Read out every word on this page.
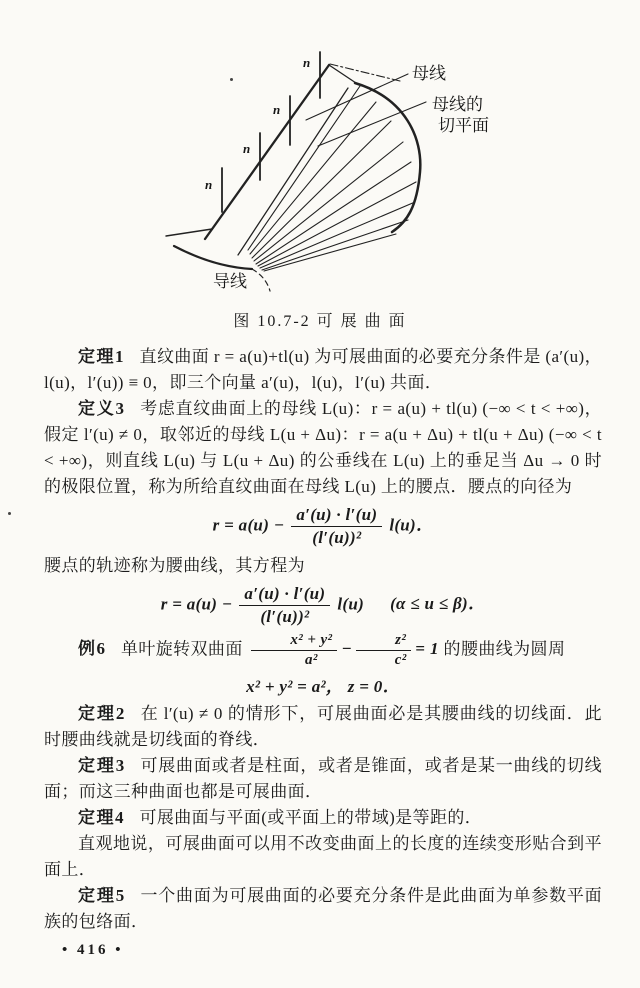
n
n
n
n
母线
母线的
切平面
导线
图 10.7-2 可 展 曲 面

定理1 直纹曲面 r = a(u)+tl(u) 为可展曲面的必要充分条件是 (a′(u)，l(u)，l′(u)) ≡ 0，即三个向量 a′(u)，l(u)，l′(u) 共面．

定义3 考虑直纹曲面上的母线 L(u)：r = a(u) + tl(u) (−∞ < t < +∞)，假定 l′(u) ≠ 0，取邻近的母线 L(u + Δu)：r = a(u + Δu) + tl(u + Δu) (−∞ < t < +∞)，则直线 L(u) 与 L(u + Δu) 的公垂线在 L(u) 上的垂足当 Δu → 0 时的极限位置，称为所给直纹曲面在母线 L(u) 上的腰点．腰点的向径为

$r = a(u) - \frac{a'(u) \cdot l'(u)}{\text{(l′(u))²}} l(u)$．

腰点的轨迹称为腰曲线，其方程为

$r = a(u) - \frac{a'(u) \cdot l'(u)}{\text{(l′(u))²}} l(u) (\alpha \le u \le \beta)$．

例6 单叶旋转双曲面 $\frac{\text{x² + y²}}{\text{a²}} - \frac{\text{z²}}{\text{c²}} = 1$ 的腰曲线为圆周

x² + y² = a²， z = 0．

定理2 在 l′(u) ≠ 0 的情形下，可展曲面必是其腰曲线的切线面．此时腰曲线就是切线面的脊线．

定理3 可展曲面或者是柱面，或者是锥面，或者是某一曲线的切线面；而这三种曲面也都是可展曲面．

定理4 可展曲面与平面(或平面上的带域)是等距的．

直观地说，可展曲面可以用不改变曲面上的长度的连续变形贴合到平面上．

定理5 一个曲面为可展曲面的必要充分条件是此曲面为单参数平面族的包络面．

• 416 •
